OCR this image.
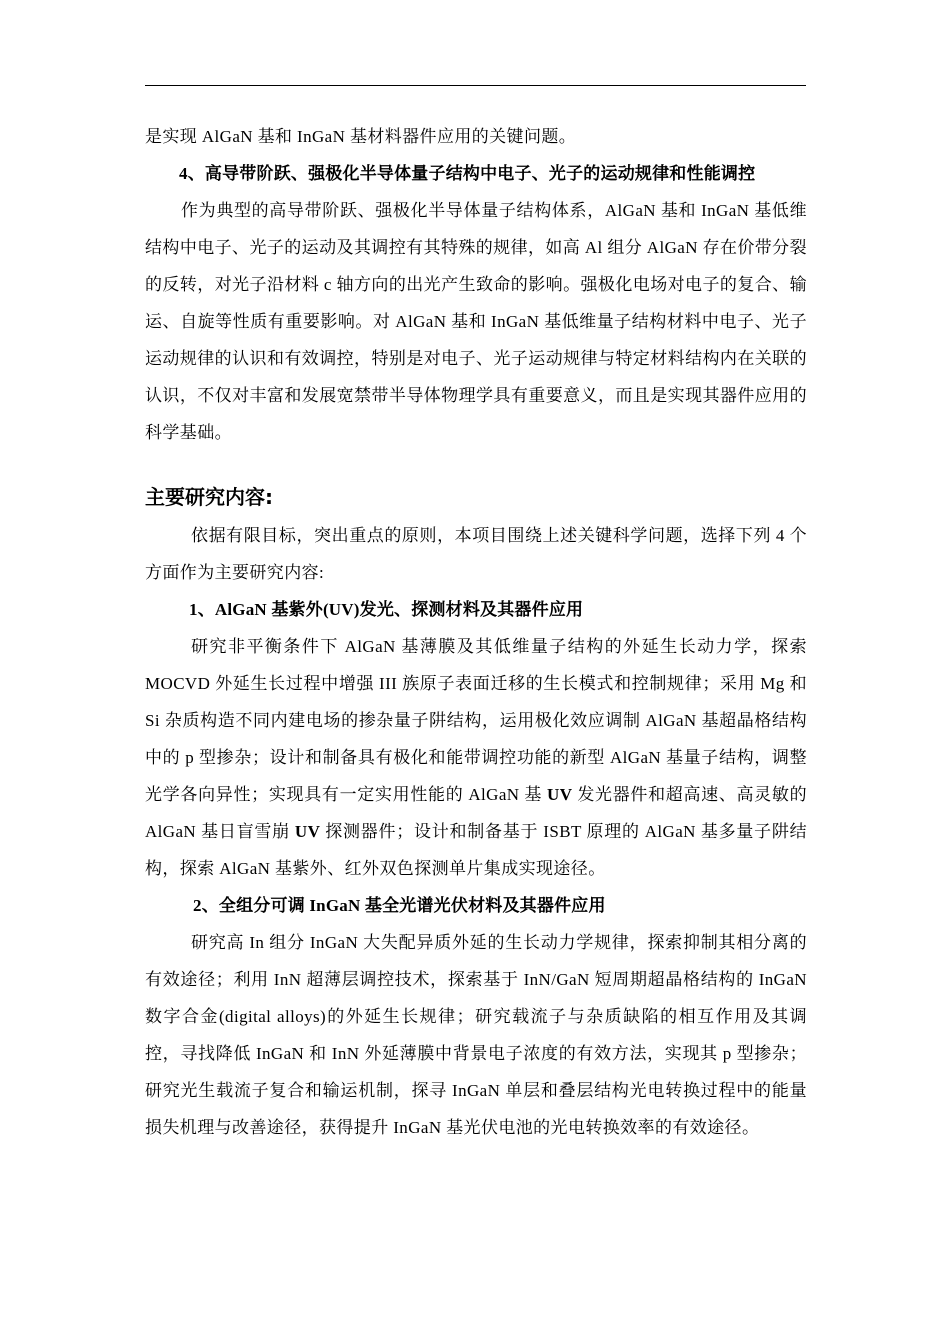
是实现 AlGaN 基和 InGaN 基材料器件应用的关键问题。

4、高导带阶跃、强极化半导体量子结构中电子、光子的运动规律和性能调控

作为典型的高导带阶跃、强极化半导体量子结构体系，AlGaN 基和 InGaN 基低维结构中电子、光子的运动及其调控有其特殊的规律，如高 Al 组分 AlGaN 存在价带分裂的反转，对光子沿材料 c 轴方向的出光产生致命的影响。强极化电场对电子的复合、输运、自旋等性质有重要影响。对 AlGaN 基和 InGaN 基低维量子结构材料中电子、光子运动规律的认识和有效调控，特别是对电子、光子运动规律与特定材料结构内在关联的认识，不仅对丰富和发展宽禁带半导体物理学具有重要意义，而且是实现其器件应用的科学基础。

主要研究内容:

依据有限目标，突出重点的原则，本项目围绕上述关键科学问题，选择下列 4 个方面作为主要研究内容:

1、AlGaN 基紫外(UV)发光、探测材料及其器件应用

研究非平衡条件下 AlGaN 基薄膜及其低维量子结构的外延生长动力学，探索 MOCVD 外延生长过程中增强 III 族原子表面迁移的生长模式和控制规律；采用 Mg 和 Si 杂质构造不同内建电场的掺杂量子阱结构，运用极化效应调制 AlGaN 基超晶格结构中的 p 型掺杂；设计和制备具有极化和能带调控功能的新型 AlGaN 基量子结构，调整光学各向异性；实现具有一定实用性能的 AlGaN 基 UV 发光器件和超高速、高灵敏的 AlGaN 基日盲雪崩 UV 探测器件；设计和制备基于 ISBT 原理的 AlGaN 基多量子阱结构，探索 AlGaN 基紫外、红外双色探测单片集成实现途径。

2、全组分可调 InGaN 基全光谱光伏材料及其器件应用

研究高 In 组分 InGaN 大失配异质外延的生长动力学规律，探索抑制其相分离的有效途径；利用 InN 超薄层调控技术，探索基于 InN/GaN 短周期超晶格结构的 InGaN 数字合金(digital alloys)的外延生长规律；研究载流子与杂质缺陷的相互作用及其调控，寻找降低 InGaN 和 InN 外延薄膜中背景电子浓度的有效方法，实现其 p 型掺杂；研究光生载流子复合和输运机制，探寻 InGaN 单层和叠层结构光电转换过程中的能量损失机理与改善途径，获得提升 InGaN 基光伏电池的光电转换效率的有效途径。
